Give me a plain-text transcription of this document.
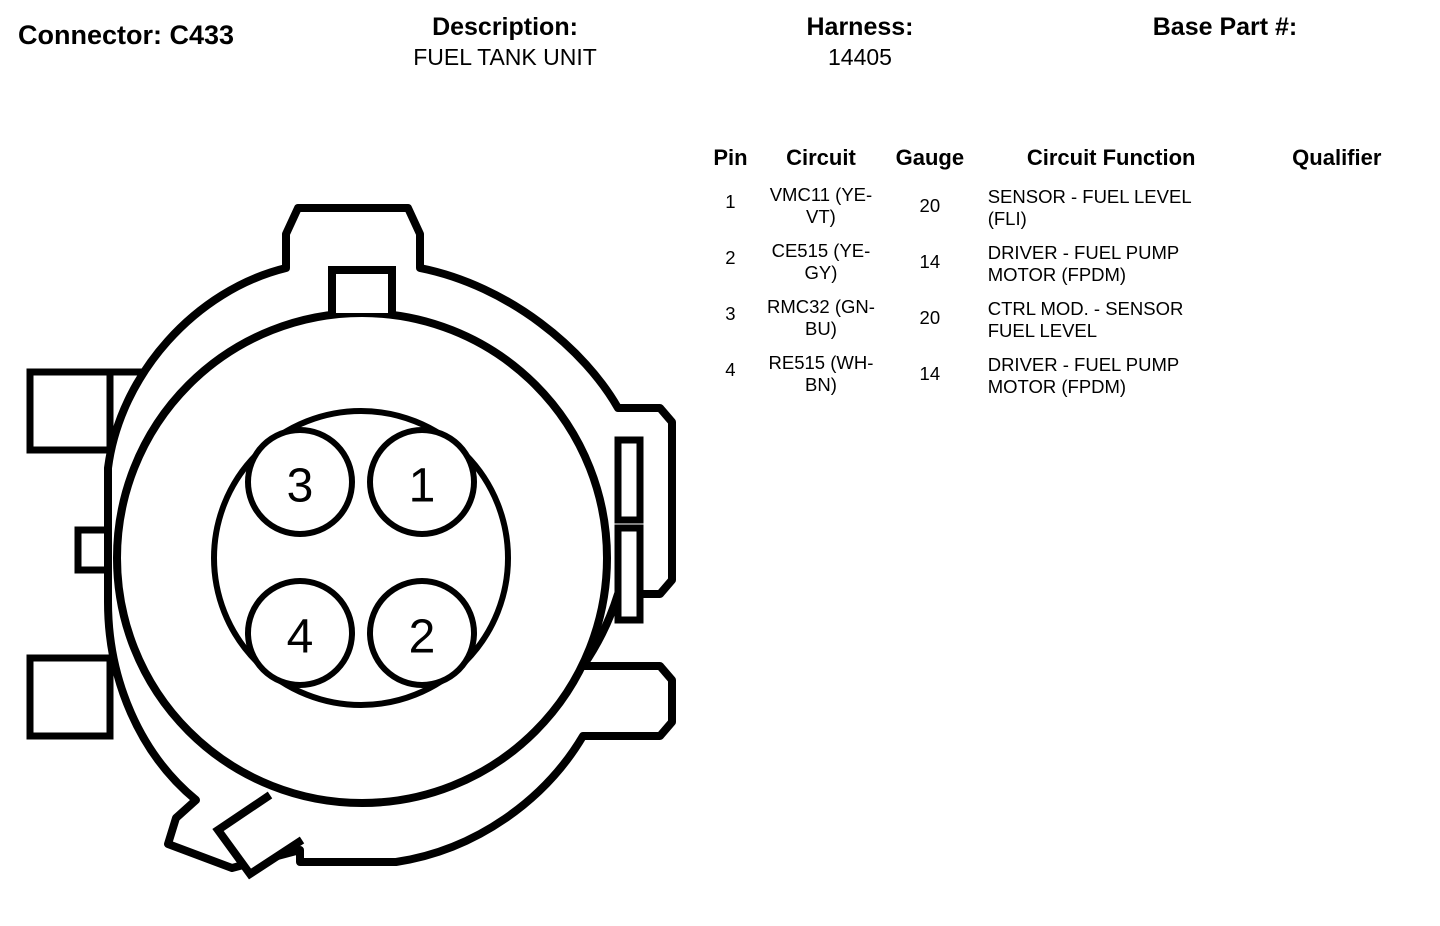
Connector: C433	Description:
FUEL TANK UNIT
Harness:
14405
Base Part #:
Pin	Circuit	Gauge	Circuit Function	Qualifier
1	VMC11 (YE-VT)	20	SENSOR - FUEL LEVEL (FLI)	
2	CE515 (YE-GY)	14	DRIVER - FUEL PUMP MOTOR (FPDM)	
3	RMC32 (GN-BU)	20	CTRL MOD. - SENSOR FUEL LEVEL	
4	RE515 (WH-BN)	14	DRIVER - FUEL PUMP MOTOR (FPDM)	
3 1
4 2
